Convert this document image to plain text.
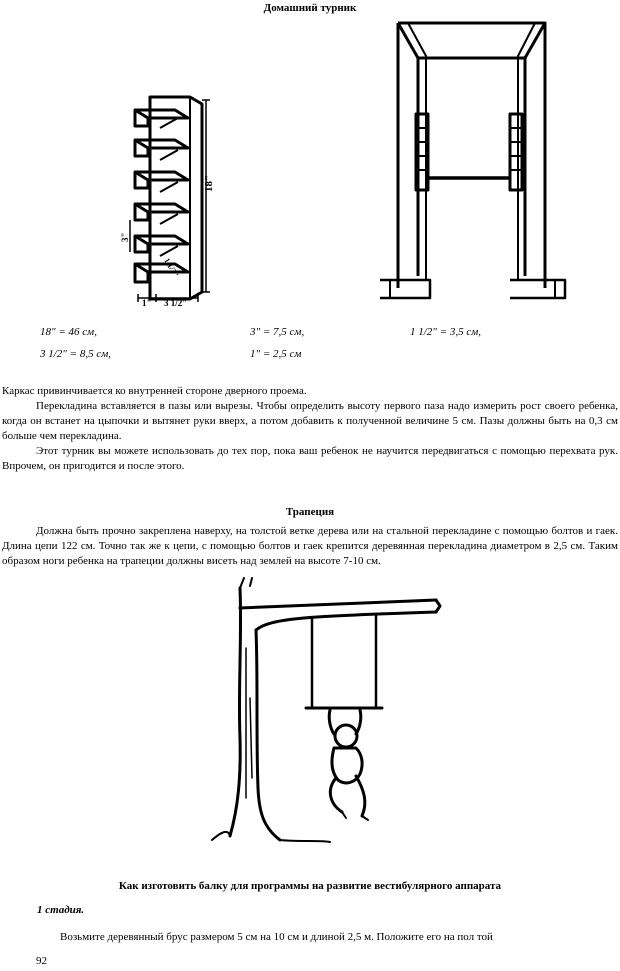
Домашний турник
18"
3"
1 1/2"
1" 3 1/2"
18" = 46 см,	3" = 7,5 см,	1 1/2" = 3,5 см,
3 1/2" = 8,5 см,	1" = 2,5 см
Каркас привинчивается ко внутренней стороне дверного проема.
Перекладина вставляется в пазы или вырезы. Чтобы определить высоту первого паза надо измерить рост своего ребенка, когда он встанет на цыпочки и вытянет руки вверх, а потом добавить к полученной величине 5 см. Пазы должны быть на 0,3 см больше чем перекладина.
Этот турник вы можете использовать до тех пор, пока ваш ребенок не научится передвигаться с помощью перехвата рук. Впрочем, он пригодится и после этого.
Трапеция
Должна быть прочно закреплена наверху, на толстой ветке дерева или на стальной перекладине с помощью болтов и гаек. Длина цепи 122 см. Точно так же к цепи, с помощью болтов и гаек крепится деревянная перекладина диаметром в 2,5 см. Таким образом ноги ребенка на трапеции должны висеть над землей на высоте 7-10 см.
Как изготовить балку для программы на развитие вестибулярного аппарата
1 стадия.
Возьмите деревянный брус размером 5 см на 10 см и длиной 2,5 м. Положите его на пол той
92
